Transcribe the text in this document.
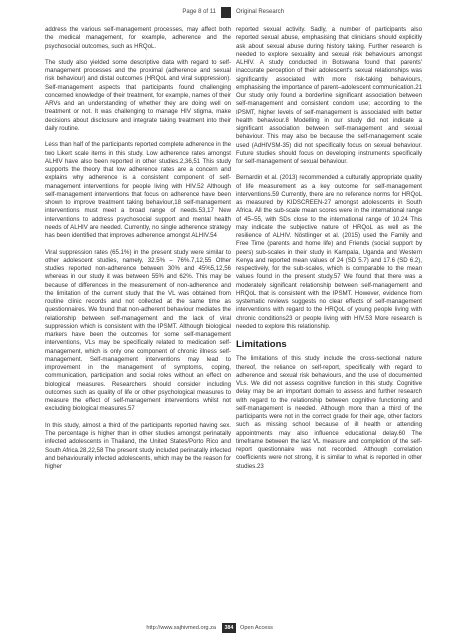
Page 8 of 11	Original Research

address the various self-management processes, may affect both the medical management, for example, adherence and the psychosocial outcomes, such as HRQoL.

The study also yielded some descriptive data with regard to self-management processes and the proximal (adherence and sexual risk behaviour) and distal outcomes (HRQoL and viral suppression). Self-management aspects that participants found challenging concerned knowledge of their treatment, for example, names of their ARVs and an understanding of whether they are doing well on treatment or not. It was challenging to manage HIV stigma, make decisions about disclosure and integrate taking treatment into their daily routine.

Less than half of the participants reported complete adherence in the two Likert scale items in this study. Low adherence rates amongst ALHIV have also been reported in other studies.2,36,51 This study supports the theory that low adherence rates are a concern and explains why adherence is a consistent component of self-management interventions for people living with HIV.52 Although self-management interventions that focus on adherence have been shown to improve treatment taking behaviour,18 self-management interventions must meet a broad range of needs.53,17 New interventions to address psychosocial support and mental health needs of ALHIV are needed. Currently, no single adherence strategy has been identified that improves adherence amongst ALHIV.54

Viral suppression rates (65.1%) in the present study were similar to other adolescent studies, namely, 32.5% – 76%.7,12,55 Other studies reported non-adherence between 30% and 45%5,12,56 whereas in our study it was between 55% and 62%. This may be because of differences in the measurement of non-adherence and the limitation of the current study that the VL was obtained from routine clinic records and not collected at the same time as questionnaires. We found that non-adherent behaviour mediates the relationship between self-management and the lack of viral suppression which is consistent with the IPSMT. Although biological markers have been the outcomes for some self-management interventions, VLs may be specifically related to medication self-management, which is only one component of chronic illness self-management. Self-management interventions may lead to improvement in the management of symptoms, coping, communication, participation and social roles without an effect on biological measures. Researchers should consider including outcomes such as quality of life or other psychological measures to measure the effect of self-management interventions whilst not excluding biological measures.57

In this study, almost a third of the participants reported having sex. The percentage is higher than in other studies amongst perinatally infected adolescents in Thailand, the United States/Porto Rico and South Africa.28,22,58 The present study included perinatally infected and behaviourally infected adolescents, which may be the reason for higher

reported sexual activity. Sadly, a number of participants also reported sexual abuse, emphasising that clinicians should explicitly ask about sexual abuse during history taking. Further research is needed to explore sexuality and sexual risk behaviours amongst ALHIV. A study conducted in Botswana found that parents' inaccurate perception of their adolescent's sexual relationships was significantly associated with more risk-taking behaviours, emphasising the importance of parent–adolescent communication.21 Our study only found a borderline significant association between self-management and consistent condom use; according to the IPSMT, higher levels of self-management is associated with better health behaviour.8 Modelling in our study did not indicate a significant association between self-management and sexual behaviour. This may also be because the self-management scale used (AdHIVSM-35) did not specifically focus on sexual behaviour. Future studies should focus on developing instruments specifically for self-management of sexual behaviour.

Bernardin et al. (2013) recommended a culturally appropriate quality of life measurement as a key outcome for self-management interventions.59 Currently, there are no reference norms for HRQoL as measured by KIDSCREEN-27 amongst adolescents in South Africa. All the sub-scale mean scores were in the international range of 45–55, with SDs close to the international range of 10.24 This may indicate the subjective nature of HRQoL as well as the resilience of ALHIV. Nöstlinger et al. (2015) used the Family and Free Time (parents and home life) and Friends (social support by peers) sub-scales in their study in Kampala, Uganda and Western Kenya and reported mean values of 24 (SD 5.7) and 17.6 (SD 6.2), respectively, for the sub-scales, which is comparable to the mean values found in the present study.57 We found that there was a moderately significant relationship between self-management and HRQoL that is consistent with the IPSMT. However, evidence from systematic reviews suggests no clear effects of self-management interventions with regard to the HRQoL of young people living with chronic conditions23 or people living with HIV.53 More research is needed to explore this relationship.

Limitations

The limitations of this study include the cross-sectional nature thereof, the reliance on self-report, specifically with regard to adherence and sexual risk behaviours, and the use of documented VLs. We did not assess cognitive function in this study. Cognitive delay may be an important domain to assess and further research with regard to the relationship between cognitive functioning and self-management is needed. Although more than a third of the participants were not in the correct grade for their age, other factors such as missing school because of ill health or attending appointments may also influence educational delay.60 The timeframe between the last VL measure and completion of the self-report questionnaire was not recorded. Although correlation coefficients were not strong, it is similar to what is reported in other studies.23

http://www.sajhivmed.org.za	384	Open Access
